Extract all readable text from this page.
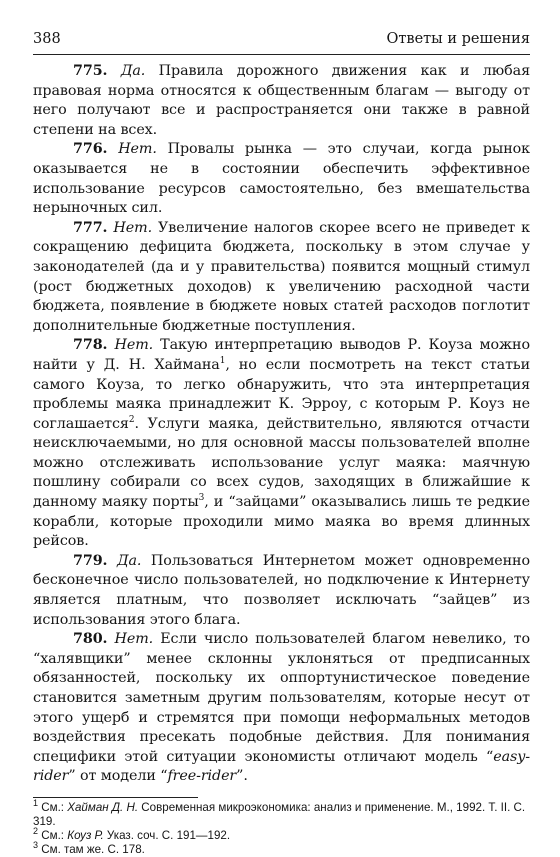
388	Ответы и решения

775. Да. Правила дорожного движения как и любая правовая норма относятся к общественным благам — выгоду от него получают все и распространяется они также в равной степени на всех.

776. Нет. Провалы рынка — это случаи, когда рынок оказывается не в состоянии обеспечить эффективное использование ресурсов самостоятельно, без вмешательства нерыночных сил.

777. Нет. Увеличение налогов скорее всего не приведет к сокращению дефицита бюджета, поскольку в этом случае у законодателей (да и у правительства) появится мощный стимул (рост бюджетных доходов) к увеличению расходной части бюджета, появление в бюджете новых статей расходов поглотит дополнительные бюджетные поступления.

778. Нет. Такую интерпретацию выводов Р. Коуза можно найти у Д. Н. Хаймана$^1$, но если посмотреть на текст статьи самого Коуза, то легко обнаружить, что эта интерпретация проблемы маяка принадлежит К. Эрроу, с которым Р. Коуз не соглашается$^2$. Услуги маяка, действительно, являются отчасти неисключаемыми, но для основной массы пользователей вполне можно отслеживать использование услуг маяка: маячную пошлину собирали со всех судов, заходящих в ближайшие к данному маяку порты$^3$, и “зайцами” оказывались лишь те редкие корабли, которые проходили мимо маяка во время длинных рейсов.

779. Да. Пользоваться Интернетом может одновременно бесконечное число пользователей, но подключение к Интернету является платным, что позволяет исключать “зайцев” из использования этого блага.

780. Нет. Если число пользователей благом невелико, то “халявщики” менее склонны уклоняться от предписанных обязанностей, поскольку их оппортунистическое поведение становится заметным другим пользователям, которые несут от этого ущерб и стремятся при помощи неформальных методов воздействия пресекать подобные действия. Для понимания специфики этой ситуации экономисты отличают модель “easy-rider” от модели “free-rider”.

$^1$ См.: Хайман Д. Н. Современная микроэкономика: анализ и применение. М., 1992. Т. II. С. 319.

$^2$ См.: Коуз Р. Указ. соч. С. 191—192.

$^3$ См. там же. С. 178.
